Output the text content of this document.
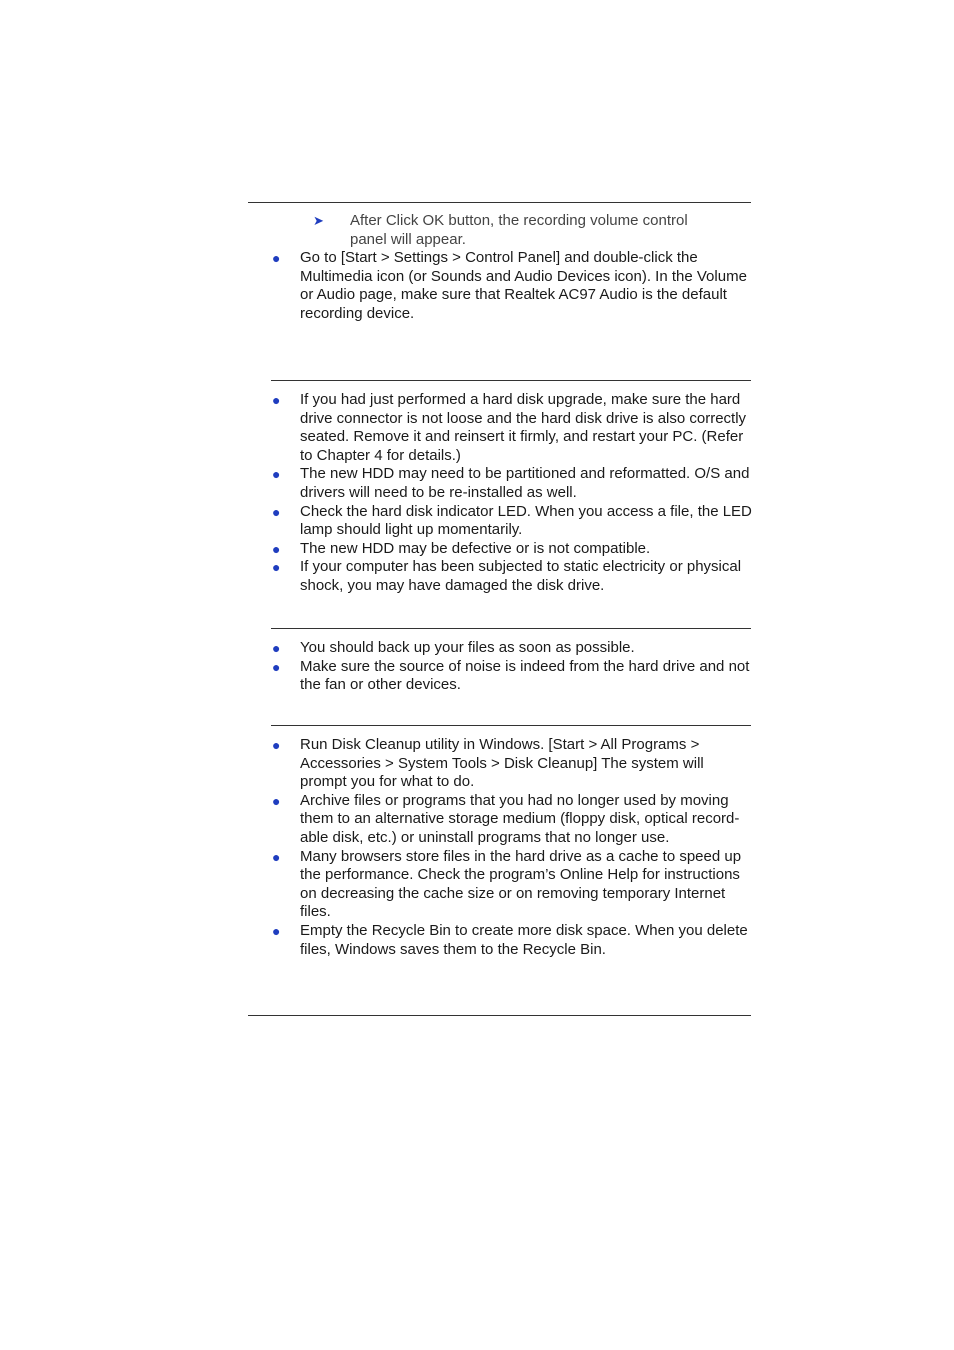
➤ After Click OK button, the recording volume control panel will appear.
● Go to [Start > Settings > Control Panel] and double-click the Multimedia icon (or Sounds and Audio Devices icon). In the Volume or Audio page, make sure that Realtek AC97 Audio is the default recording device.
● If you had just performed a hard disk upgrade, make sure the hard drive connector is not loose and the hard disk drive is also correctly seated. Remove it and reinsert it firmly, and restart your PC. (Refer to Chapter 4 for details.)
● The new HDD may need to be partitioned and reformatted. O/S and drivers will need to be re-installed as well.
● Check the hard disk indicator LED. When you access a file, the LED lamp should light up momentarily.
● The new HDD may be defective or is not compatible.
● If your computer has been subjected to static electricity or physical shock, you may have damaged the disk drive.
● You should back up your files as soon as possible.
● Make sure the source of noise is indeed from the hard drive and not the fan or other devices.
● Run Disk Cleanup utility in Windows. [Start > All Programs > Accessories > System Tools > Disk Cleanup] The system will prompt you for what to do.
● Archive files or programs that you had no longer used by moving them to an alternative storage medium (floppy disk, optical record-able disk, etc.) or uninstall programs that no longer use.
● Many browsers store files in the hard drive as a cache to speed up the performance. Check the program’s Online Help for instructions on decreasing the cache size or on removing temporary Internet files.
● Empty the Recycle Bin to create more disk space. When you delete files, Windows saves them to the Recycle Bin.
